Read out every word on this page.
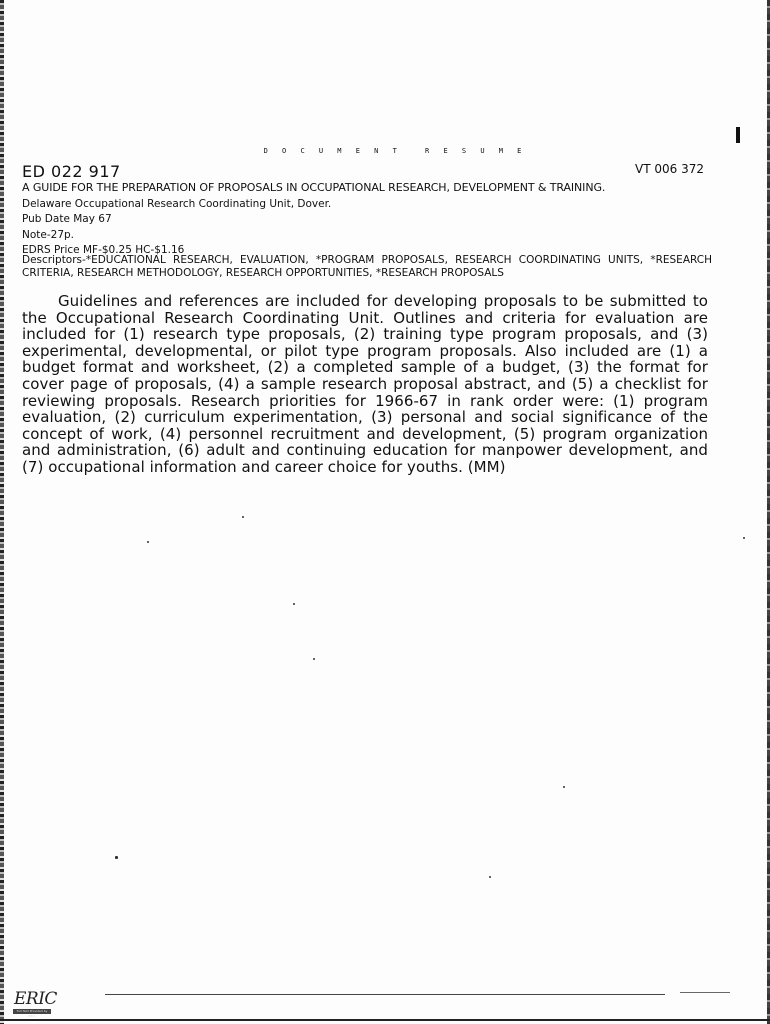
D O C U M E N T	R E S U M E
ED 022 917	VT 006 372
A GUIDE FOR THE PREPARATION OF PROPOSALS IN OCCUPATIONAL RESEARCH, DEVELOPMENT & TRAINING.
Delaware Occupational Research Coordinating Unit, Dover.
Pub Date May 67
Note-27p.
EDRS Price MF-$0.25 HC-$1.16
Descriptors-*EDUCATIONAL RESEARCH, EVALUATION, *PROGRAM PROPOSALS, RESEARCH COORDINATING UNITS, *RESEARCH CRITERIA, RESEARCH METHODOLOGY, RESEARCH OPPORTUNITIES, *RESEARCH PROPOSALS
Guidelines and references are included for developing proposals to be submitted to the Occupational Research Coordinating Unit. Outlines and criteria for evaluation are included for (1) research type proposals, (2) training type program proposals, and (3) experimental, developmental, or pilot type program proposals. Also included are (1) a budget format and worksheet, (2) a completed sample of a budget, (3) the format for cover page of proposals, (4) a sample research proposal abstract, and (5) a checklist for reviewing proposals. Research priorities for 1966-67 in rank order were: (1) program evaluation, (2) curriculum experimentation, (3) personal and social significance of the concept of work, (4) personnel recruitment and development, (5) program organization and administration, (6) adult and continuing education for manpower development, and (7) occupational information and career choice for youths. (MM)
ERIC
Full Text Provided by ERIC
